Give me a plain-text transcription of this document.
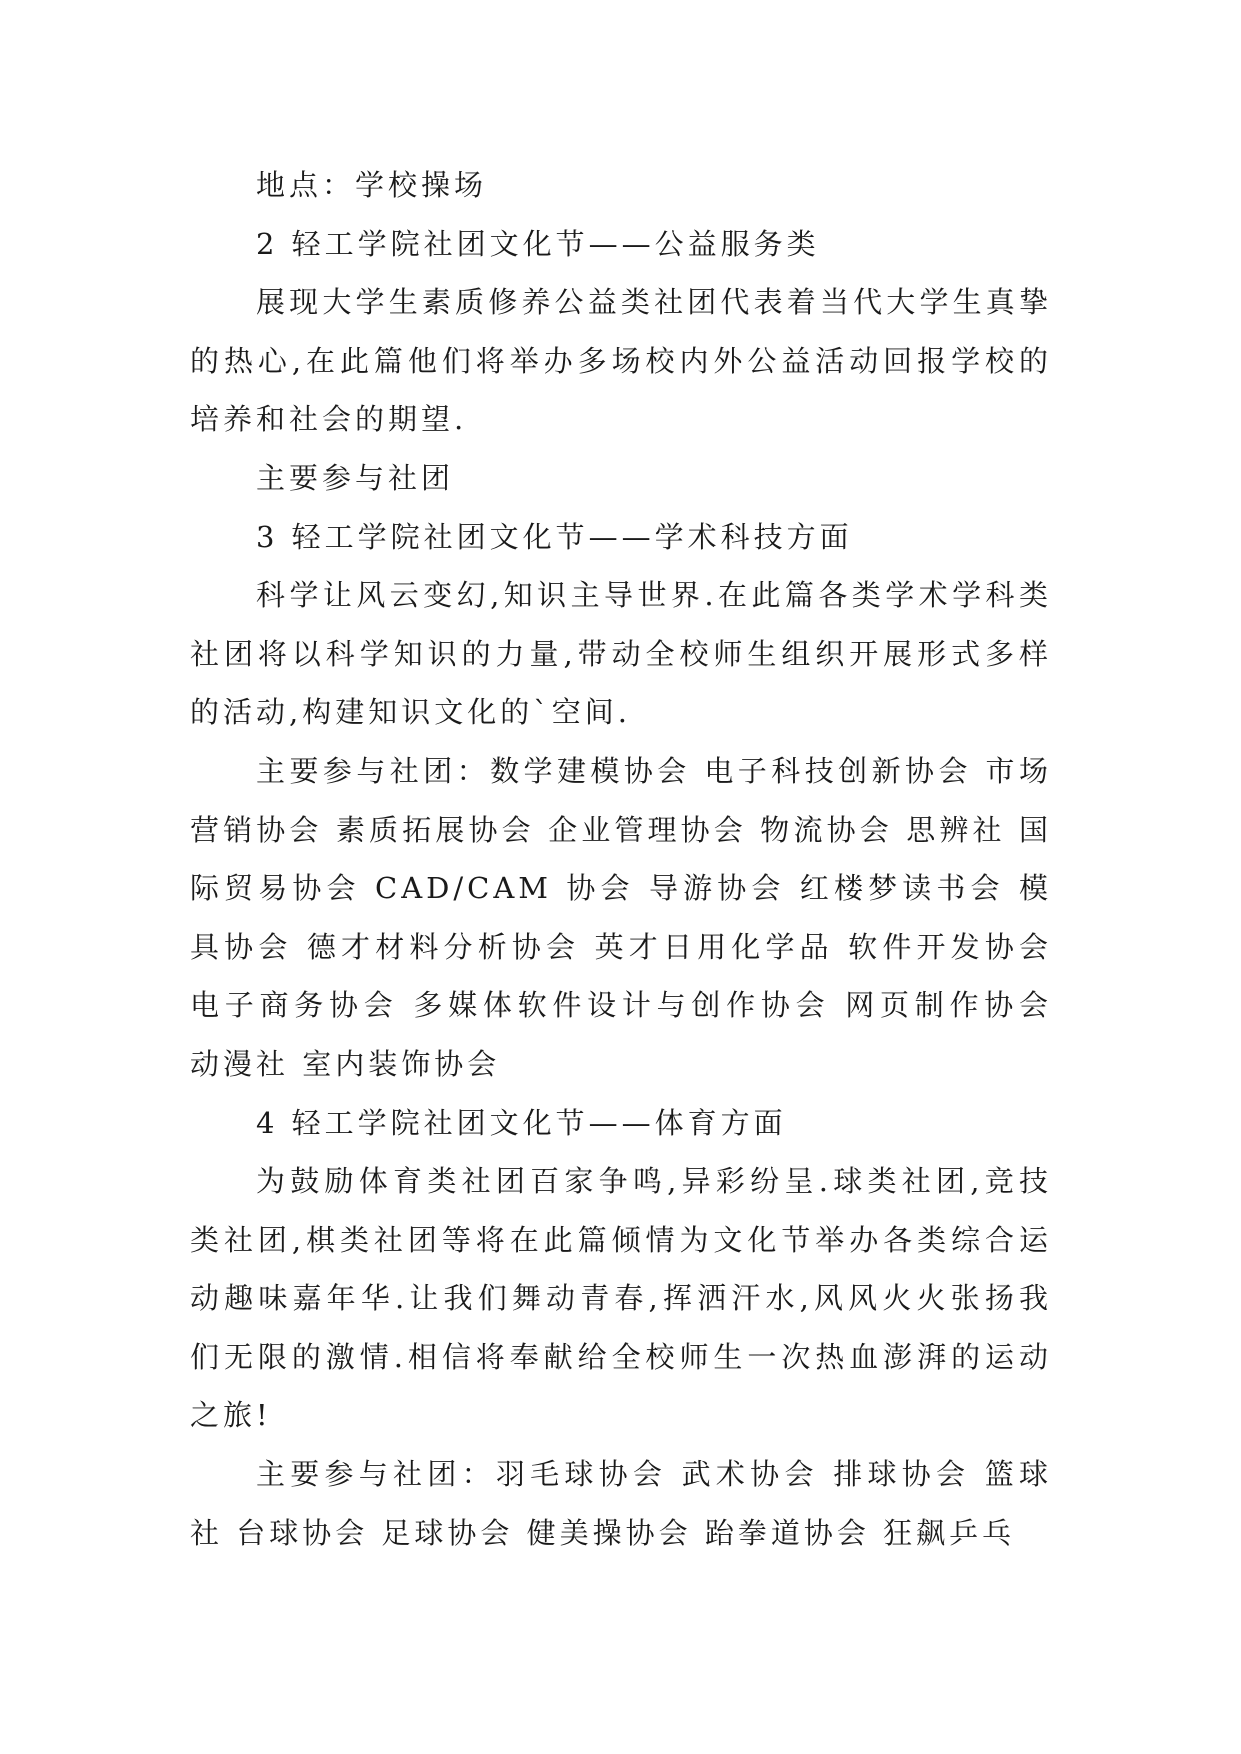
地点：学校操场

2 轻工学院社团文化节——公益服务类

展现大学生素质修养公益类社团代表着当代大学生真挚的热心,在此篇他们将举办多场校内外公益活动回报学校的培养和社会的期望.

主要参与社团

3 轻工学院社团文化节——学术科技方面

科学让风云变幻,知识主导世界.在此篇各类学术学科类社团将以科学知识的力量,带动全校师生组织开展形式多样的活动,构建知识文化的`空间.

主要参与社团：数学建模协会 电子科技创新协会 市场营销协会 素质拓展协会 企业管理协会 物流协会 思辨社 国际贸易协会 CAD/CAM 协会 导游协会 红楼梦读书会 模具协会 德才材料分析协会 英才日用化学品 软件开发协会 电子商务协会 多媒体软件设计与创作协会 网页制作协会 动漫社 室内装饰协会

4 轻工学院社团文化节——体育方面

为鼓励体育类社团百家争鸣,异彩纷呈.球类社团,竞技类社团,棋类社团等将在此篇倾情为文化节举办各类综合运动趣味嘉年华.让我们舞动青春,挥洒汗水,风风火火张扬我们无限的激情.相信将奉献给全校师生一次热血澎湃的运动之旅!

主要参与社团：羽毛球协会 武术协会 排球协会 篮球社 台球协会 足球协会 健美操协会 跆拳道协会 狂飙乒乓
